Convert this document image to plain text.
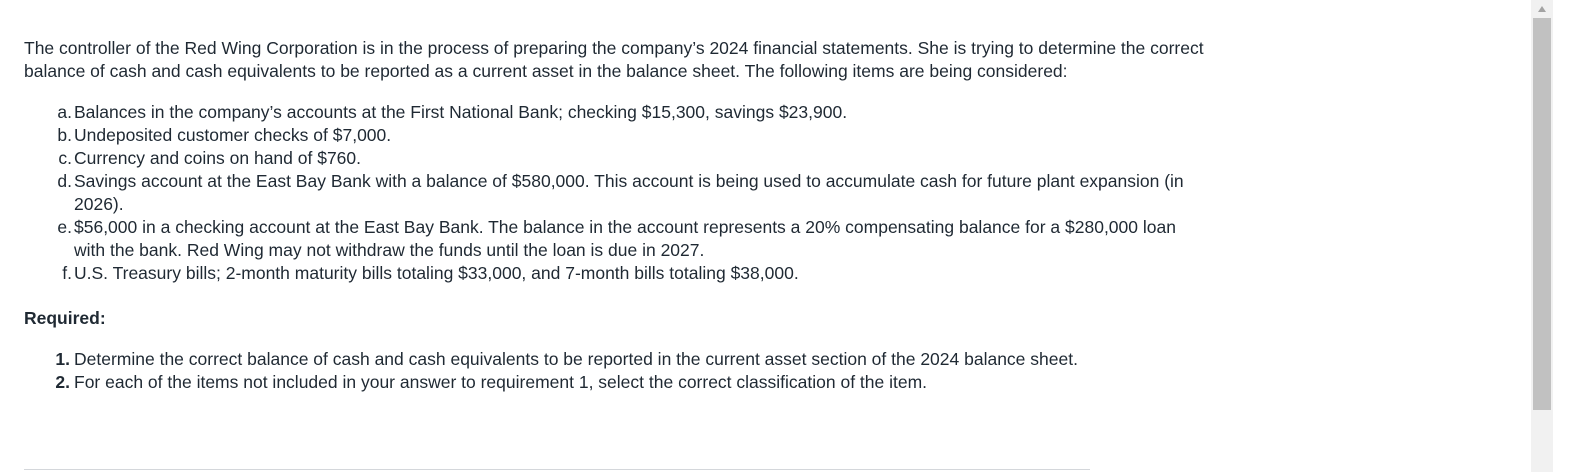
The controller of the Red Wing Corporation is in the process of preparing the company’s 2024 financial statements. She is trying to determine the correct balance of cash and cash equivalents to be reported as a current asset in the balance sheet. The following items are being considered:

a. Balances in the company’s accounts at the First National Bank; checking $15,300, savings $23,900.
b. Undeposited customer checks of $7,000.
c. Currency and coins on hand of $760.
d. Savings account at the East Bay Bank with a balance of $580,000. This account is being used to accumulate cash for future plant expansion (in 2026).
e. $56,000 in a checking account at the East Bay Bank. The balance in the account represents a 20% compensating balance for a $280,000 loan with the bank. Red Wing may not withdraw the funds until the loan is due in 2027.
f. U.S. Treasury bills; 2-month maturity bills totaling $33,000, and 7-month bills totaling $38,000.

Required:

1. Determine the correct balance of cash and cash equivalents to be reported in the current asset section of the 2024 balance sheet.
2. For each of the items not included in your answer to requirement 1, select the correct classification of the item.
